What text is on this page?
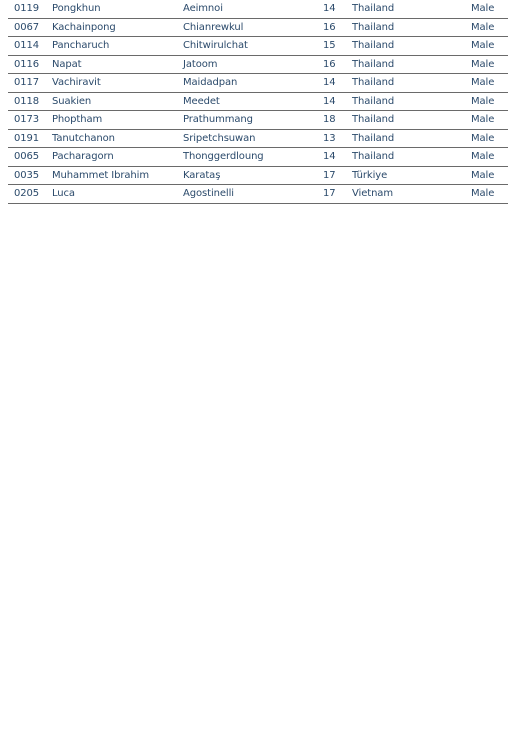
0119 Pongkhun	Aeimnoi	14 Thailand	Male
0067 Kachainpong	Chianrewkul	16 Thailand	Male
0114 Pancharuch	Chitwirulchat	15 Thailand	Male
0116 Napat	Jatoom	16 Thailand	Male
0117 Vachiravit	Maidadpan	14 Thailand	Male
0118 Suakien	Meedet	14 Thailand	Male
0173 Phoptham	Prathummang	18 Thailand	Male
0191 Tanutchanon	Sripetchsuwan	13 Thailand	Male
0065 Pacharagorn	Thonggerdloung	14 Thailand	Male
0035 Muhammet Ibrahim	Karataş	17 Türkiye	Male
0205 Luca	Agostinelli	17 Vietnam	Male
